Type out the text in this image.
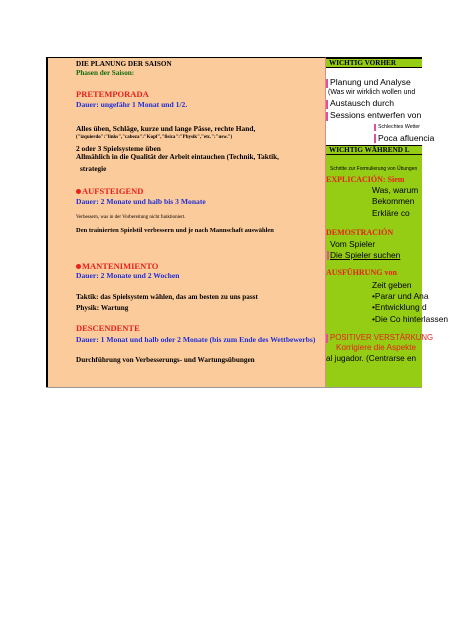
DIE PLANUNG DER SAISON
Phasen der Saison:
PRETEMPORADA
Dauer: ungefähr 1 Monat und 1/2.
Alles üben, Schläge, kurze und lange Pässe, rechte Hand,
("izquierdo":"links","cabeza":"Kopf","fisica":"Physik","etc.":"usw.")
2 oder 3 Spielsysteme üben
Allmählich in die Qualität der Arbeit eintauchen (Technik, Taktik,
strategie
AUFSTEIGEND
Dauer: 2 Monate und halb bis 3 Monate
Verbessern, was in der Vorbereitung nicht funktioniert.
Den trainierten Spielstil verbessern und je nach Mannschaft auswählen
MANTENIMIENTO
Dauer: 2 Monate und 2 Wochen
Taktik: das Spielsystem wählen, das am besten zu uns passt
Physik: Wartung
DESCENDENTE
Dauer: 1 Monat und halb oder 2 Monate (bis zum Ende des Wettbewerbs)
Durchführung von Verbesserungs- und Wartungsübungen
WICHTIG VORHER
Planung und Analyse
(Was wir wirklich wollen und
Austausch durch
Sessions entwerfen von
Schlechtes Wetter
Poca afluencia
WICHTIG WÄHREND L
Schritte zur Formulierung von Übungen
EXPLICACIÓN: Siem
Was, warum
Bekommen
Erkläre co
DEMOSTRACIÓN
Vom Spieler
Die Spieler suchen
AUSFÜHRUNG von
Zeit geben
•Parar und Ana
•Entwicklung d
•Die Co hinterlassen
POSITIVER VERSTÄRKUNG
Korrigiere die Aspekte
al jugador. (Centrarse en
